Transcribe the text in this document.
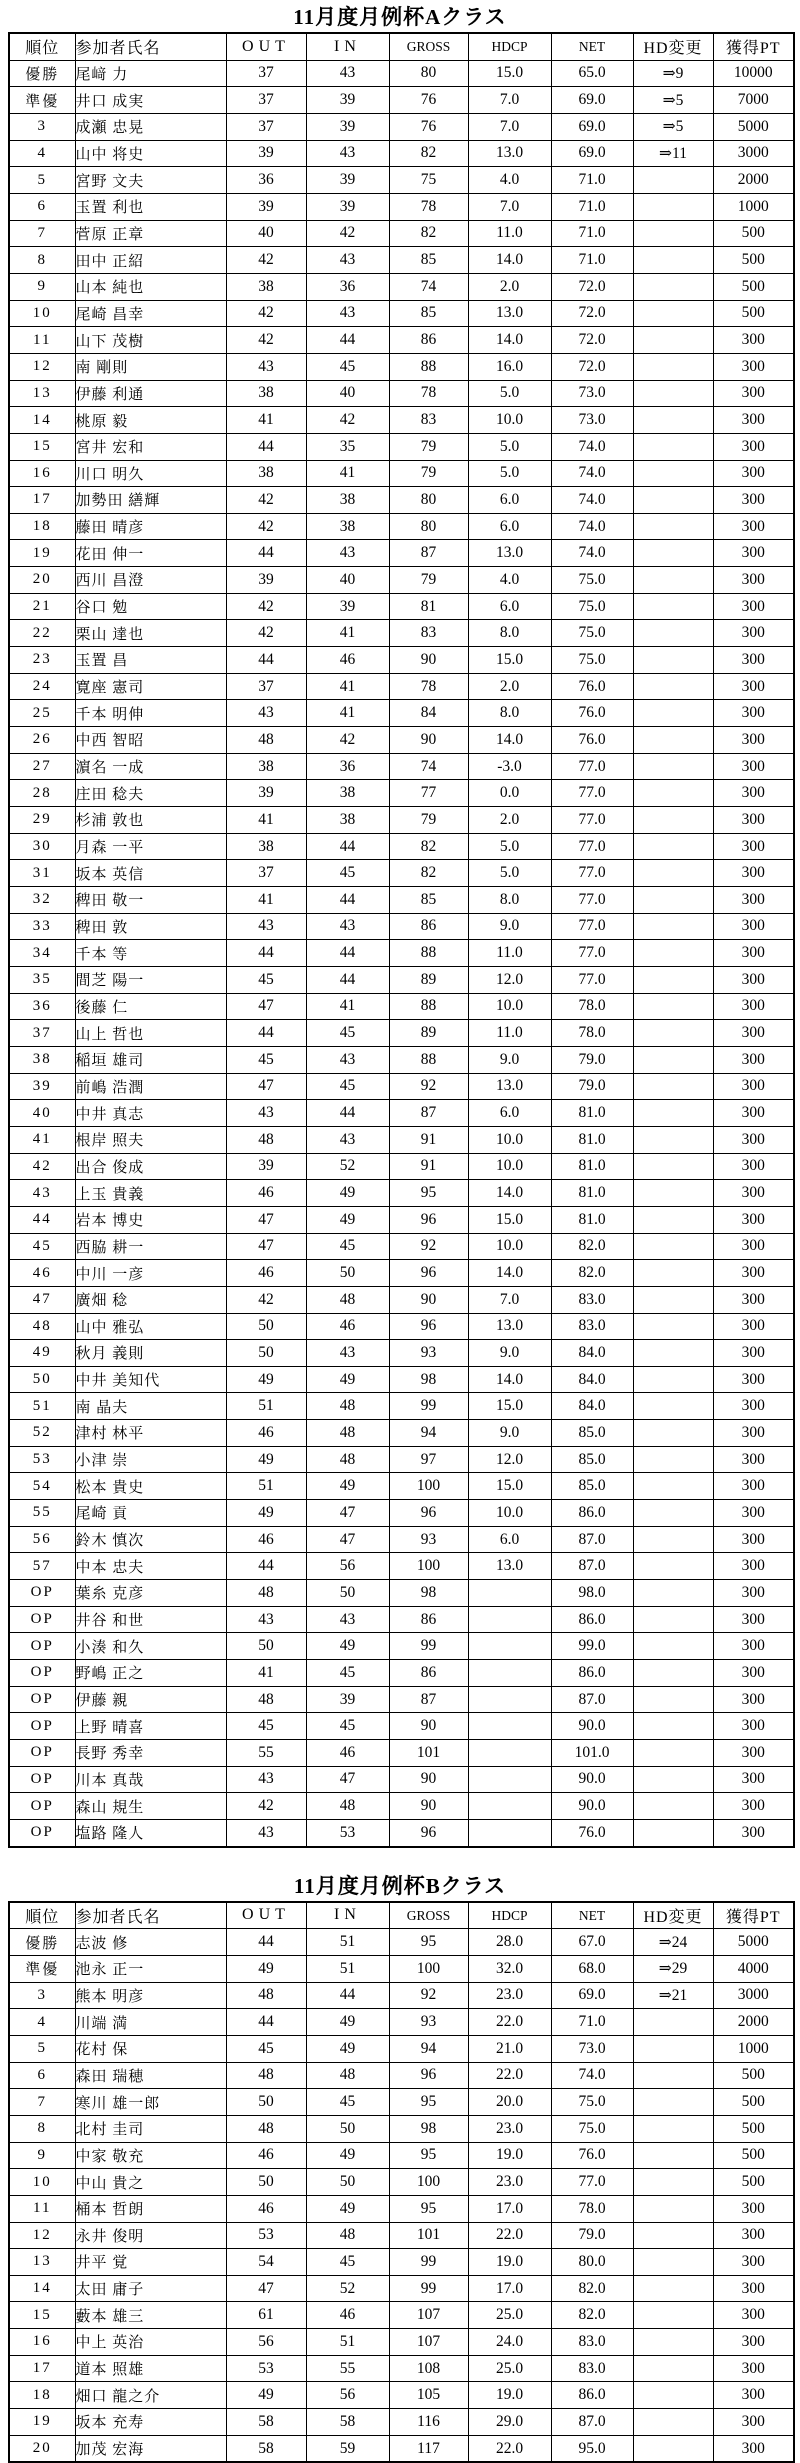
11月度月例杯Aクラス
順位	参加者氏名	OUT	IN	GROSS	HDCP	NET	HD変更	獲得PT
優勝	尾﨑 力	37	43	80	15.0	65.0	⇒9	10000
準優	井口 成実	37	39	76	7.0	69.0	⇒5	7000
3	成瀬 忠晃	37	39	76	7.0	69.0	⇒5	5000
4	山中 将史	39	43	82	13.0	69.0	⇒11	3000
5	宮野 文夫	36	39	75	4.0	71.0		2000
6	玉置 利也	39	39	78	7.0	71.0		1000
7	菅原 正章	40	42	82	11.0	71.0		500
8	田中 正紹	42	43	85	14.0	71.0		500
9	山本 純也	38	36	74	2.0	72.0		500
10	尾崎 昌幸	42	43	85	13.0	72.0		500
11	山下 茂樹	42	44	86	14.0	72.0		300
12	南 剛則	43	45	88	16.0	72.0		300
13	伊藤 利通	38	40	78	5.0	73.0		300
14	桃原 毅	41	42	83	10.0	73.0		300
15	宮井 宏和	44	35	79	5.0	74.0		300
16	川口 明久	38	41	79	5.0	74.0		300
17	加勢田 繕輝	42	38	80	6.0	74.0		300
18	藤田 晴彦	42	38	80	6.0	74.0		300
19	花田 伸一	44	43	87	13.0	74.0		300
20	西川 昌澄	39	40	79	4.0	75.0		300
21	谷口 勉	42	39	81	6.0	75.0		300
22	栗山 達也	42	41	83	8.0	75.0		300
23	玉置 昌	44	46	90	15.0	75.0		300
24	寛座 憲司	37	41	78	2.0	76.0		300
25	千本 明伸	43	41	84	8.0	76.0		300
26	中西 智昭	48	42	90	14.0	76.0		300
27	濵名 一成	38	36	74	-3.0	77.0		300
28	庄田 稔夫	39	38	77	0.0	77.0		300
29	杉浦 敦也	41	38	79	2.0	77.0		300
30	月森 一平	38	44	82	5.0	77.0		300
31	坂本 英信	37	45	82	5.0	77.0		300
32	稗田 敬一	41	44	85	8.0	77.0		300
33	稗田 敦	43	43	86	9.0	77.0		300
34	千本 等	44	44	88	11.0	77.0		300
35	間芝 陽一	45	44	89	12.0	77.0		300
36	後藤 仁	47	41	88	10.0	78.0		300
37	山上 哲也	44	45	89	11.0	78.0		300
38	稲垣 雄司	45	43	88	9.0	79.0		300
39	前嶋 浩潤	47	45	92	13.0	79.0		300
40	中井 真志	43	44	87	6.0	81.0		300
41	根岸 照夫	48	43	91	10.0	81.0		300
42	出合 俊成	39	52	91	10.0	81.0		300
43	上玉 貴義	46	49	95	14.0	81.0		300
44	岩本 博史	47	49	96	15.0	81.0		300
45	西脇 耕一	47	45	92	10.0	82.0		300
46	中川 一彦	46	50	96	14.0	82.0		300
47	廣畑 稔	42	48	90	7.0	83.0		300
48	山中 雅弘	50	46	96	13.0	83.0		300
49	秋月 義則	50	43	93	9.0	84.0		300
50	中井 美知代	49	49	98	14.0	84.0		300
51	南 晶夫	51	48	99	15.0	84.0		300
52	津村 林平	46	48	94	9.0	85.0		300
53	小津 崇	49	48	97	12.0	85.0		300
54	松本 貴史	51	49	100	15.0	85.0		300
55	尾崎 貢	49	47	96	10.0	86.0		300
56	鈴木 慎次	46	47	93	6.0	87.0		300
57	中本 忠夫	44	56	100	13.0	87.0		300
OP	葉糸 克彦	48	50	98		98.0		300
OP	井谷 和世	43	43	86		86.0		300
OP	小湊 和久	50	49	99		99.0		300
OP	野嶋 正之	41	45	86		86.0		300
OP	伊藤 親	48	39	87		87.0		300
OP	上野 晴喜	45	45	90		90.0		300
OP	長野 秀幸	55	46	101		101.0		300
OP	川本 真哉	43	47	90		90.0		300
OP	森山 規生	42	48	90		90.0		300
OP	塩路 隆人	43	53	96		76.0		300
11月度月例杯Bクラス
順位	参加者氏名	OUT	IN	GROSS	HDCP	NET	HD変更	獲得PT
優勝	志波 修	44	51	95	28.0	67.0	⇒24	5000
準優	池永 正一	49	51	100	32.0	68.0	⇒29	4000
3	熊本 明彦	48	44	92	23.0	69.0	⇒21	3000
4	川端 満	44	49	93	22.0	71.0		2000
5	花村 保	45	49	94	21.0	73.0		1000
6	森田 瑞穂	48	48	96	22.0	74.0		500
7	寒川 雄一郎	50	45	95	20.0	75.0		500
8	北村 圭司	48	50	98	23.0	75.0		500
9	中家 敬充	46	49	95	19.0	76.0		500
10	中山 貴之	50	50	100	23.0	77.0		500
11	桶本 哲朗	46	49	95	17.0	78.0		300
12	永井 俊明	53	48	101	22.0	79.0		300
13	井平 覚	54	45	99	19.0	80.0		300
14	太田 庸子	47	52	99	17.0	82.0		300
15	藪本 雄三	61	46	107	25.0	82.0		300
16	中上 英治	56	51	107	24.0	83.0		300
17	道本 照雄	53	55	108	25.0	83.0		300
18	畑口 龍之介	49	56	105	19.0	86.0		300
19	坂本 充寿	58	58	116	29.0	87.0		300
20	加茂 宏海	58	59	117	22.0	95.0		300
